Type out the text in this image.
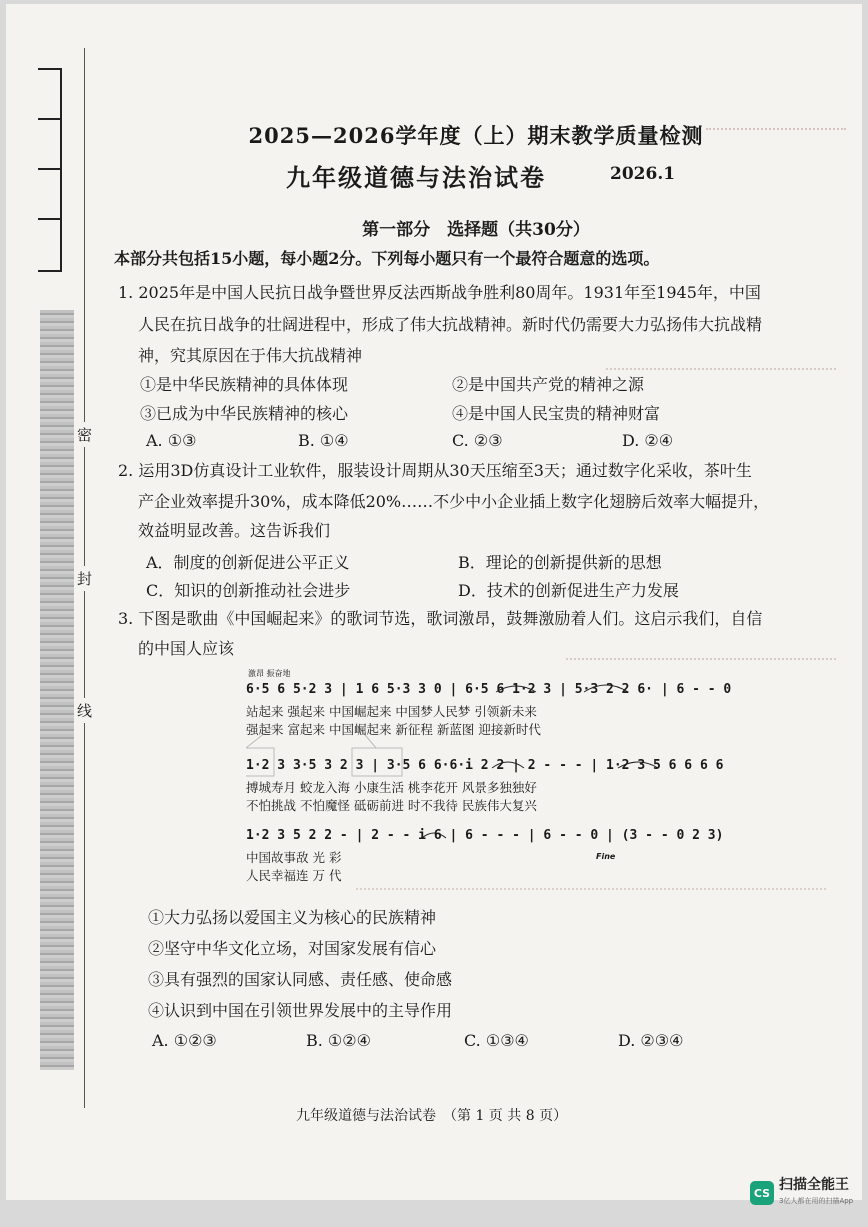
密
封
线
2025—2026学年度（上）期末教学质量检测
九年级道德与法治试卷	2026.1
第一部分　选择题（共30分）
本部分共包括15小题，每小题2分。下列每小题只有一个最符合题意的选项。
1. 2025年是中国人民抗日战争暨世界反法西斯战争胜利80周年。1931年至1945年，中国
人民在抗日战争的壮阔进程中，形成了伟大抗战精神。新时代仍需要大力弘扬伟大抗战精
神，究其原因在于伟大抗战精神
①是中华民族精神的具体体现	②是中国共产党的精神之源
③已成为中华民族精神的核心	④是中国人民宝贵的精神财富
A. ①③	B. ①④	C. ②③	D. ②④
2. 运用3D仿真设计工业软件，服装设计周期从30天压缩至3天；通过数字化采收，茶叶生
产企业效率提升30%，成本降低20%……不少中小企业插上数字化翅膀后效率大幅提升，
效益明显改善。这告诉我们
A．制度的创新促进公平正义	B．理论的创新提供新的思想
C．知识的创新推动社会进步	D．技术的创新促进生产力发展
3. 下图是歌曲《中国崛起来》的歌词节选，歌词激昂，鼓舞激励着人们。这启示我们，自信
的中国人应该
激昂 振奋地
6·5 6 5·2 3 | 1 6 5·3 3 0 | 6·5 6 1·2 3 | 5·3 2 2 6· | 6 - - 0
站起来 强起来 中国崛起来 中国梦人民梦 引领新未来
强起来 富起来 中国崛起来 新征程 新蓝图 迎接新时代
1·2 3 3·5 3 2 3 | 3·5 6 6·6·i 2 2 | 2 - - - | 1·2 3 5 6 6 6 6
搏城寿月 蛟龙入海 小康生活 桃李花开 风景多独独好
不怕挑战 不怕魔怪 砥砺前进 时不我待 民族伟大复兴
1·2 3 5 2 2 - | 2 - - i 6 | 6 - - - | 6 - - 0 | (3 - - 0 2 3)
中国故事敌 光 彩
人民幸福连 万 代
Fine
①大力弘扬以爱国主义为核心的民族精神
②坚守中华文化立场，对国家发展有信心
③具有强烈的国家认同感、责任感、使命感
④认识到中国在引领世界发展中的主导作用
A. ①②③	B. ①②④	C. ①③④	D. ②③④
九年级道德与法治试卷　（第 1 页 共 8 页）
CS 扫描全能王
3亿人都在用的扫描App
